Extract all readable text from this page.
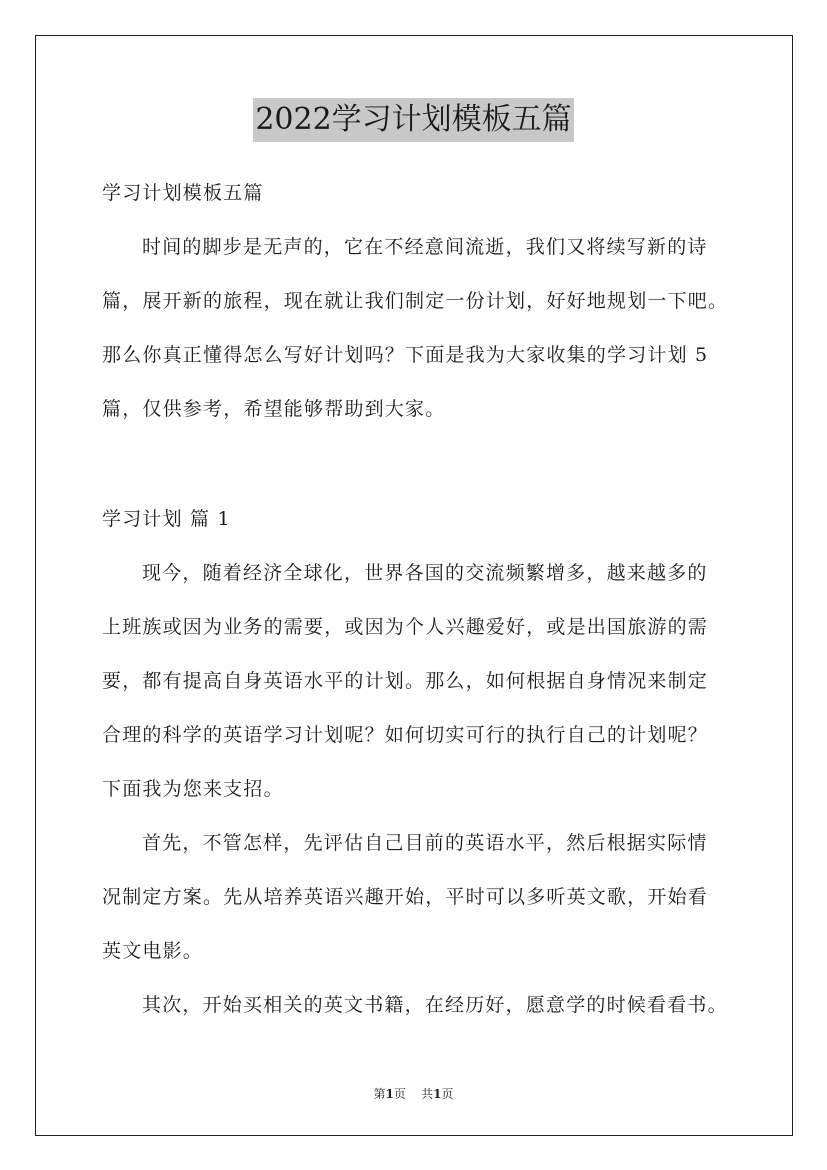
2022学习计划模板五篇
学习计划模板五篇
时间的脚步是无声的，它在不经意间流逝，我们又将续写新的诗
篇，展开新的旅程，现在就让我们制定一份计划，好好地规划一下吧。
那么你真正懂得怎么写好计划吗？下面是我为大家收集的学习计划 5
篇，仅供参考，希望能够帮助到大家。
学习计划 篇 1
现今，随着经济全球化，世界各国的交流频繁增多，越来越多的
上班族或因为业务的需要，或因为个人兴趣爱好，或是出国旅游的需
要，都有提高自身英语水平的计划。那么，如何根据自身情况来制定
合理的科学的英语学习计划呢？如何切实可行的执行自己的计划呢？
下面我为您来支招。
首先，不管怎样，先评估自己目前的英语水平，然后根据实际情
况制定方案。先从培养英语兴趣开始，平时可以多听英文歌，开始看
英文电影。
其次，开始买相关的英文书籍，在经历好，愿意学的时候看看书。
第1页 共1页
